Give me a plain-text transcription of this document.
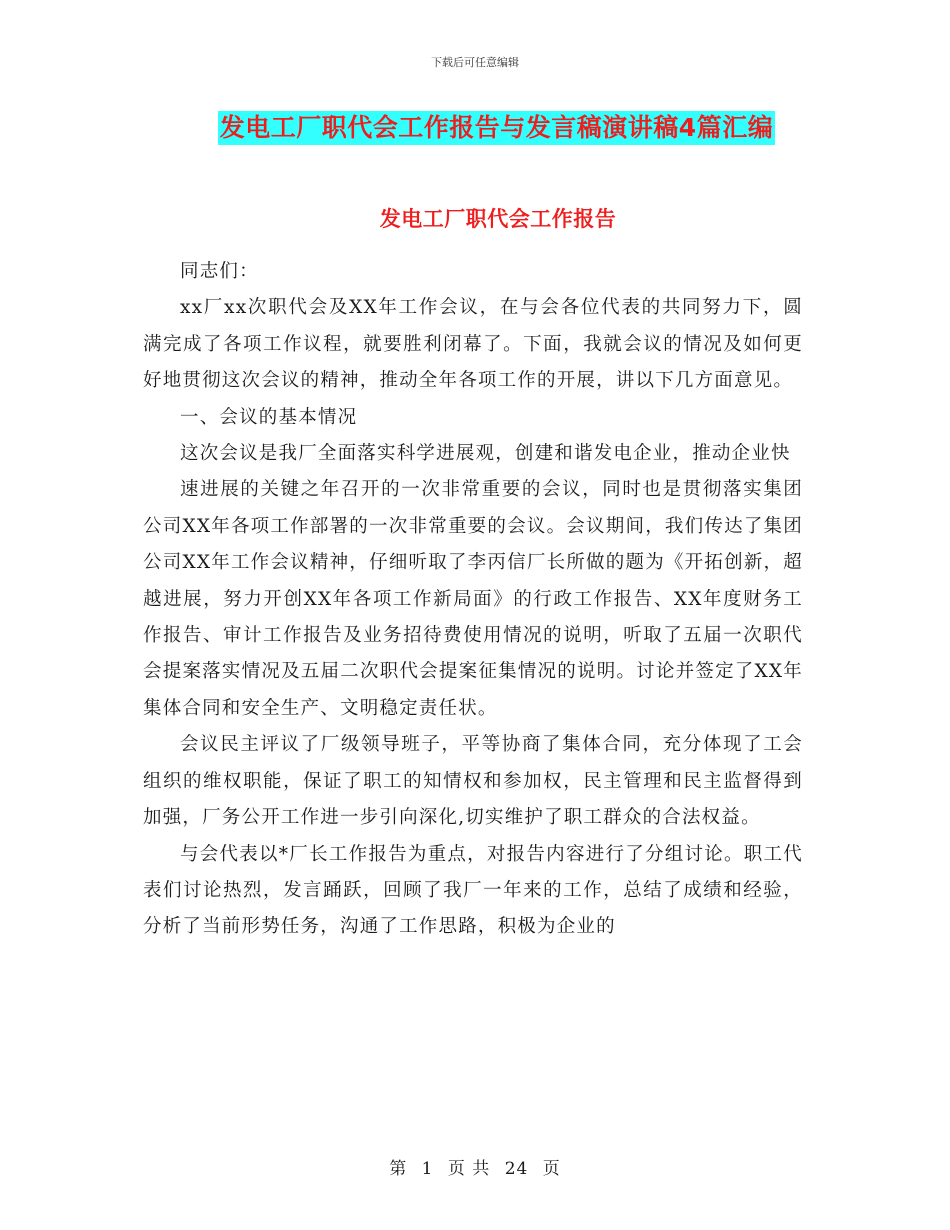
下载后可任意编辑
发电工厂职代会工作报告与发言稿演讲稿4篇汇编
发电工厂职代会工作报告

同志们：

xx厂xx次职代会及XX年工作会议，在与会各位代表的共同努力下，圆满完成了各项工作议程，就要胜利闭幕了。下面，我就会议的情况及如何更好地贯彻这次会议的精神，推动全年各项工作的开展，讲以下几方面意见。

一、会议的基本情况

这次会议是我厂全面落实科学进展观，创建和谐发电企业，推动企业快

速进展的关键之年召开的一次非常重要的会议，同时也是贯彻落实集团公司XX年各项工作部署的一次非常重要的会议。会议期间，我们传达了集团公司XX年工作会议精神，仔细听取了李丙信厂长所做的题为《开拓创新，超越进展，努力开创XX年各项工作新局面》的行政工作报告、XX年度财务工作报告、审计工作报告及业务招待费使用情况的说明，听取了五届一次职代会提案落实情况及五届二次职代会提案征集情况的说明。讨论并签定了XX年集体合同和安全生产、文明稳定责任状。

会议民主评议了厂级领导班子，平等协商了集体合同，充分体现了工会组织的维权职能，保证了职工的知情权和参加权，民主管理和民主监督得到加强，厂务公开工作进一步引向深化,切实维护了职工群众的合法权益。

与会代表以*厂长工作报告为重点，对报告内容进行了分组讨论。职工代表们讨论热烈，发言踊跃，回顾了我厂一年来的工作，总结了成绩和经验，分析了当前形势任务，沟通了工作思路，积极为企业的

第 1 页 共 24 页
